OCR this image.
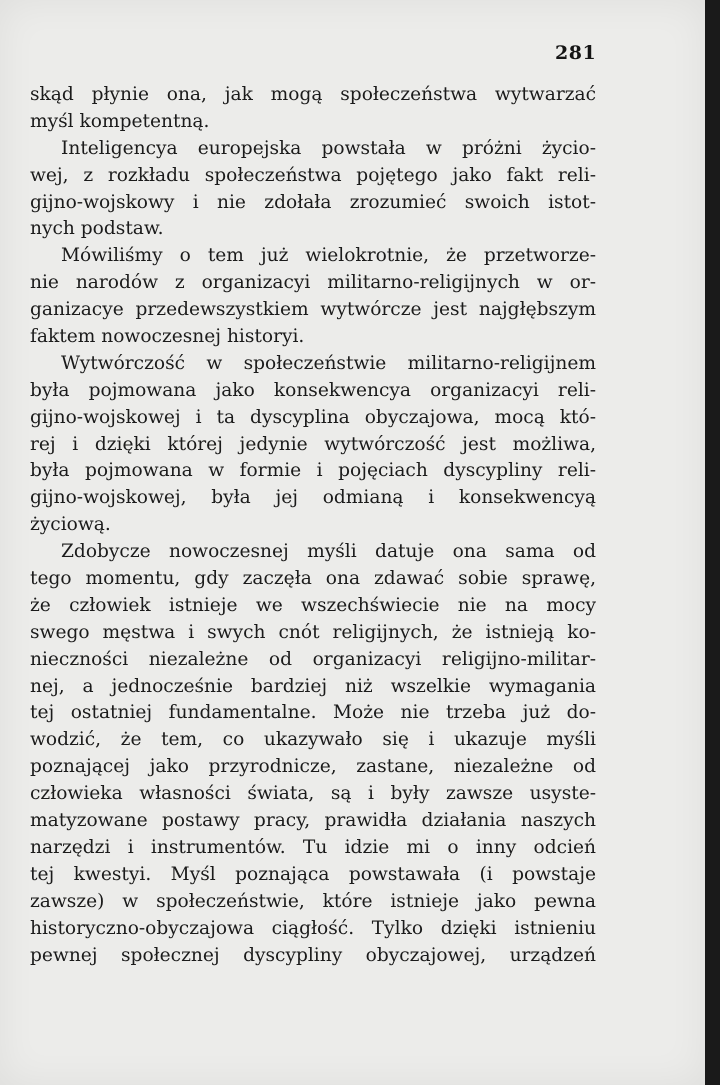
281
skąd płynie ona, jak mogą społeczeństwa wytwarzać
myśl kompetentną.
Inteligencya europejska powstała w próżni życio-
wej, z rozkładu społeczeństwa pojętego jako fakt reli-
gijno-wojskowy i nie zdołała zrozumieć swoich istot-
nych podstaw.
Mówiliśmy o tem już wielokrotnie, że przetworze-
nie narodów z organizacyi militarno-religijnych w or-
ganizacye przedewszystkiem wytwórcze jest najgłębszym
faktem nowoczesnej historyi.
Wytwórczość w społeczeństwie militarno-religijnem
była pojmowana jako konsekwencya organizacyi reli-
gijno-wojskowej i ta dyscyplina obyczajowa, mocą któ-
rej i dzięki której jedynie wytwórczość jest możliwa,
była pojmowana w formie i pojęciach dyscypliny reli-
gijno-wojskowej, była jej odmianą i konsekwencyą
życiową.
Zdobycze nowoczesnej myśli datuje ona sama od
tego momentu, gdy zaczęła ona zdawać sobie sprawę,
że człowiek istnieje we wszechświecie nie na mocy
swego męstwa i swych cnót religijnych, że istnieją ko-
nieczności niezależne od organizacyi religijno-militar-
nej, a jednocześnie bardziej niż wszelkie wymagania
tej ostatniej fundamentalne. Może nie trzeba już do-
wodzić, że tem, co ukazywało się i ukazuje myśli
poznającej jako przyrodnicze, zastane, niezależne od
człowieka własności świata, są i były zawsze usyste-
matyzowane postawy pracy, prawidła działania naszych
narzędzi i instrumentów. Tu idzie mi o inny odcień
tej kwestyi. Myśl poznająca powstawała (i powstaje
zawsze) w społeczeństwie, które istnieje jako pewna
historyczno-obyczajowa ciągłość. Tylko dzięki istnieniu
pewnej społecznej dyscypliny obyczajowej, urządzeń
